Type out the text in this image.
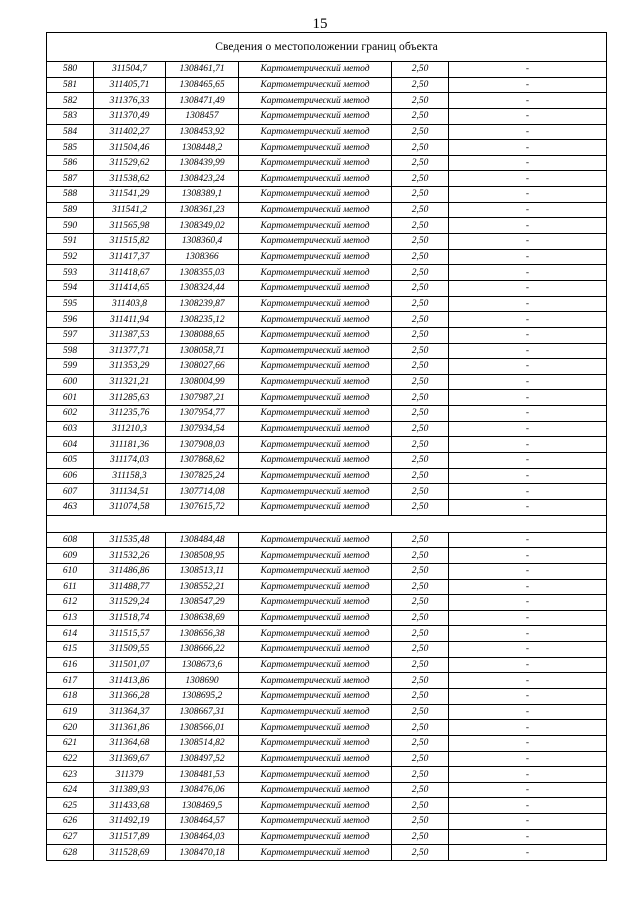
15
Сведения о местоположении границ объекта					
580	311504,7	1308461,71	Картометрический метод	2,50	-
581	311405,71	1308465,65	Картометрический метод	2,50	-
582	311376,33	1308471,49	Картометрический метод	2,50	-
583	311370,49	1308457	Картометрический метод	2,50	-
584	311402,27	1308453,92	Картометрический метод	2,50	-
585	311504,46	1308448,2	Картометрический метод	2,50	-
586	311529,62	1308439,99	Картометрический метод	2,50	-
587	311538,62	1308423,24	Картометрический метод	2,50	-
588	311541,29	1308389,1	Картометрический метод	2,50	-
589	311541,2	1308361,23	Картометрический метод	2,50	-
590	311565,98	1308349,02	Картометрический метод	2,50	-
591	311515,82	1308360,4	Картометрический метод	2,50	-
592	311417,37	1308366	Картометрический метод	2,50	-
593	311418,67	1308355,03	Картометрический метод	2,50	-
594	311414,65	1308324,44	Картометрический метод	2,50	-
595	311403,8	1308239,87	Картометрический метод	2,50	-
596	311411,94	1308235,12	Картометрический метод	2,50	-
597	311387,53	1308088,65	Картометрический метод	2,50	-
598	311377,71	1308058,71	Картометрический метод	2,50	-
599	311353,29	1308027,66	Картометрический метод	2,50	-
600	311321,21	1308004,99	Картометрический метод	2,50	-
601	311285,63	1307987,21	Картометрический метод	2,50	-
602	311235,76	1307954,77	Картометрический метод	2,50	-
603	311210,3	1307934,54	Картометрический метод	2,50	-
604	311181,36	1307908,03	Картометрический метод	2,50	-
605	311174,03	1307868,62	Картометрический метод	2,50	-
606	311158,3	1307825,24	Картометрический метод	2,50	-
607	311134,51	1307714,08	Картометрический метод	2,50	-
463	311074,58	1307615,72	Картометрический метод	2,50	-

608	311535,48	1308484,48	Картометрический метод	2,50	-
609	311532,26	1308508,95	Картометрический метод	2,50	-
610	311486,86	1308513,11	Картометрический метод	2,50	-
611	311488,77	1308552,21	Картометрический метод	2,50	-
612	311529,24	1308547,29	Картометрический метод	2,50	-
613	311518,74	1308638,69	Картометрический метод	2,50	-
614	311515,57	1308656,38	Картометрический метод	2,50	-
615	311509,55	1308666,22	Картометрический метод	2,50	-
616	311501,07	1308673,6	Картометрический метод	2,50	-
617	311413,86	1308690	Картометрический метод	2,50	-
618	311366,28	1308695,2	Картометрический метод	2,50	-
619	311364,37	1308667,31	Картометрический метод	2,50	-
620	311361,86	1308566,01	Картометрический метод	2,50	-
621	311364,68	1308514,82	Картометрический метод	2,50	-
622	311369,67	1308497,52	Картометрический метод	2,50	-
623	311379	1308481,53	Картометрический метод	2,50	-
624	311389,93	1308476,06	Картометрический метод	2,50	-
625	311433,68	1308469,5	Картометрический метод	2,50	-
626	311492,19	1308464,57	Картометрический метод	2,50	-
627	311517,89	1308464,03	Картометрический метод	2,50	-
628	311528,69	1308470,18	Картометрический метод	2,50	-
